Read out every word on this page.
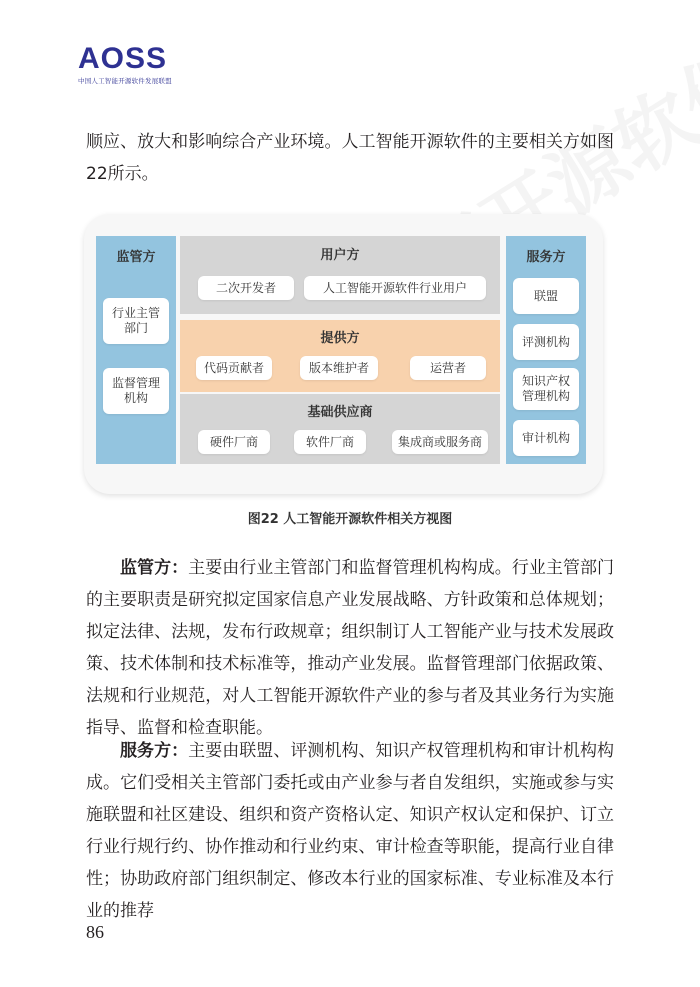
AOSS
中国人工智能开源软件发展联盟
顺应、放大和影响综合产业环境。人工智能开源软件的主要相关方如图22所示。
监管方
行业主管部门
监督管理机构
用户方
二次开发者	人工智能开源软件行业用户
提供方
代码贡献者	版本维护者	运营者
基础供应商
硬件厂商	软件厂商	集成商或服务商
服务方
联盟
评测机构
知识产权管理机构
审计机构
图22 人工智能开源软件相关方视图
监管方：主要由行业主管部门和监督管理机构构成。行业主管部门的主要职责是研究拟定国家信息产业发展战略、方针政策和总体规划；拟定法律、法规，发布行政规章；组织制订人工智能产业与技术发展政策、技术体制和技术标准等，推动产业发展。监督管理部门依据政策、法规和行业规范，对人工智能开源软件产业的参与者及其业务行为实施指导、监督和检查职能。
服务方：主要由联盟、评测机构、知识产权管理机构和审计机构构成。它们受相关主管部门委托或由产业参与者自发组织，实施或参与实施联盟和社区建设、组织和资产资格认定、知识产权认定和保护、订立行业行规行约、协作推动和行业约束、审计检查等职能，提高行业自律性；协助政府部门组织制定、修改本行业的国家标准、专业标准及本行业的推荐
86
